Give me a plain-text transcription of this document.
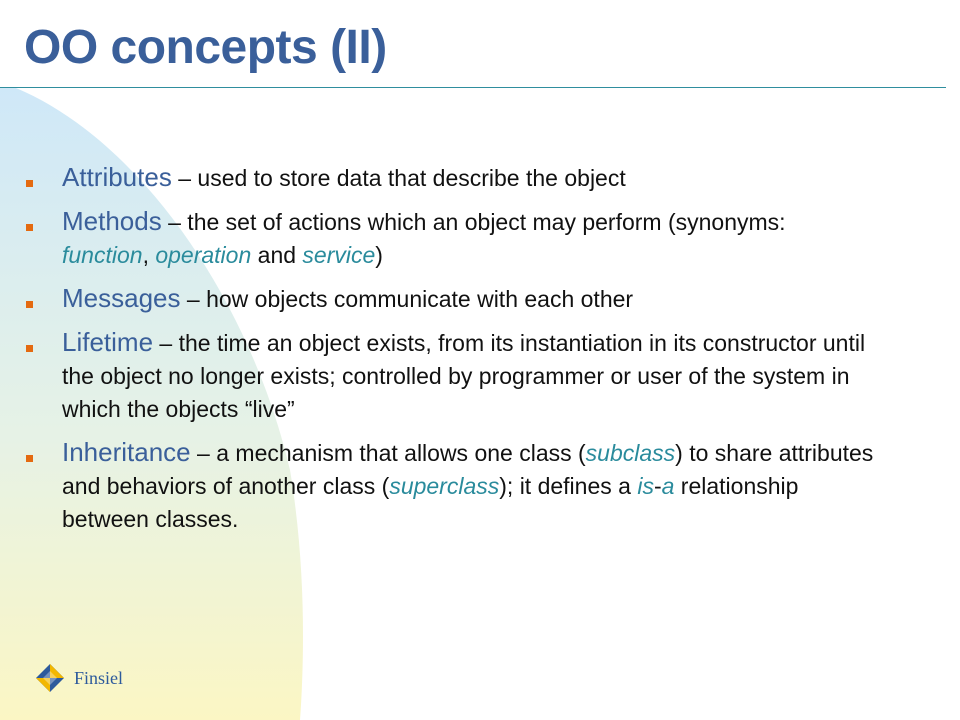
OO concepts (II)
Attributes – used to store data that describe the object
Methods – the set of actions which an object may perform (synonyms: function, operation and service)
Messages – how objects communicate with each other
Lifetime – the time an object exists, from its instantiation in its constructor until the object no longer exists; controlled by programmer or user of the system in which the objects “live”
Inheritance – a mechanism that allows one class (subclass) to share attributes and behaviors of another class (superclass); it defines a is-a relationship between classes.
Finsiel
